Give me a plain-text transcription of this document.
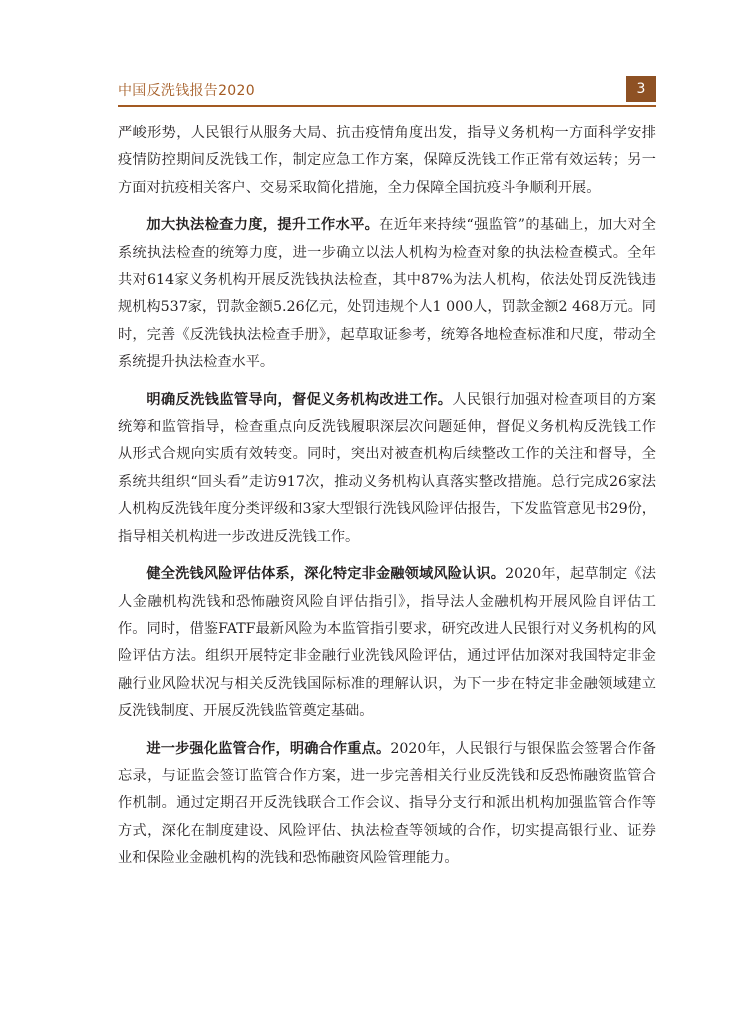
中国反洗钱报告2020	3

严峻形势，人民银行从服务大局、抗击疫情角度出发，指导义务机构一方面科学安排疫情防控期间反洗钱工作，制定应急工作方案，保障反洗钱工作正常有效运转；另一方面对抗疫相关客户、交易采取简化措施，全力保障全国抗疫斗争顺利开展。

加大执法检查力度，提升工作水平。在近年来持续“强监管”的基础上，加大对全系统执法检查的统筹力度，进一步确立以法人机构为检查对象的执法检查模式。全年共对614家义务机构开展反洗钱执法检查，其中87%为法人机构，依法处罚反洗钱违规机构537家，罚款金额5.26亿元，处罚违规个人1 000人，罚款金额2 468万元。同时，完善《反洗钱执法检查手册》，起草取证参考，统筹各地检查标准和尺度，带动全系统提升执法检查水平。

明确反洗钱监管导向，督促义务机构改进工作。人民银行加强对检查项目的方案统筹和监管指导，检查重点向反洗钱履职深层次问题延伸，督促义务机构反洗钱工作从形式合规向实质有效转变。同时，突出对被查机构后续整改工作的关注和督导，全系统共组织“回头看”走访917次，推动义务机构认真落实整改措施。总行完成26家法人机构反洗钱年度分类评级和3家大型银行洗钱风险评估报告，下发监管意见书29份，指导相关机构进一步改进反洗钱工作。

健全洗钱风险评估体系，深化特定非金融领域风险认识。2020年，起草制定《法人金融机构洗钱和恐怖融资风险自评估指引》，指导法人金融机构开展风险自评估工作。同时，借鉴FATF最新风险为本监管指引要求，研究改进人民银行对义务机构的风险评估方法。组织开展特定非金融行业洗钱风险评估，通过评估加深对我国特定非金融行业风险状况与相关反洗钱国际标准的理解认识，为下一步在特定非金融领域建立反洗钱制度、开展反洗钱监管奠定基础。

进一步强化监管合作，明确合作重点。2020年，人民银行与银保监会签署合作备忘录，与证监会签订监管合作方案，进一步完善相关行业反洗钱和反恐怖融资监管合作机制。通过定期召开反洗钱联合工作会议、指导分支行和派出机构加强监管合作等方式，深化在制度建设、风险评估、执法检查等领域的合作，切实提高银行业、证券业和保险业金融机构的洗钱和恐怖融资风险管理能力。
